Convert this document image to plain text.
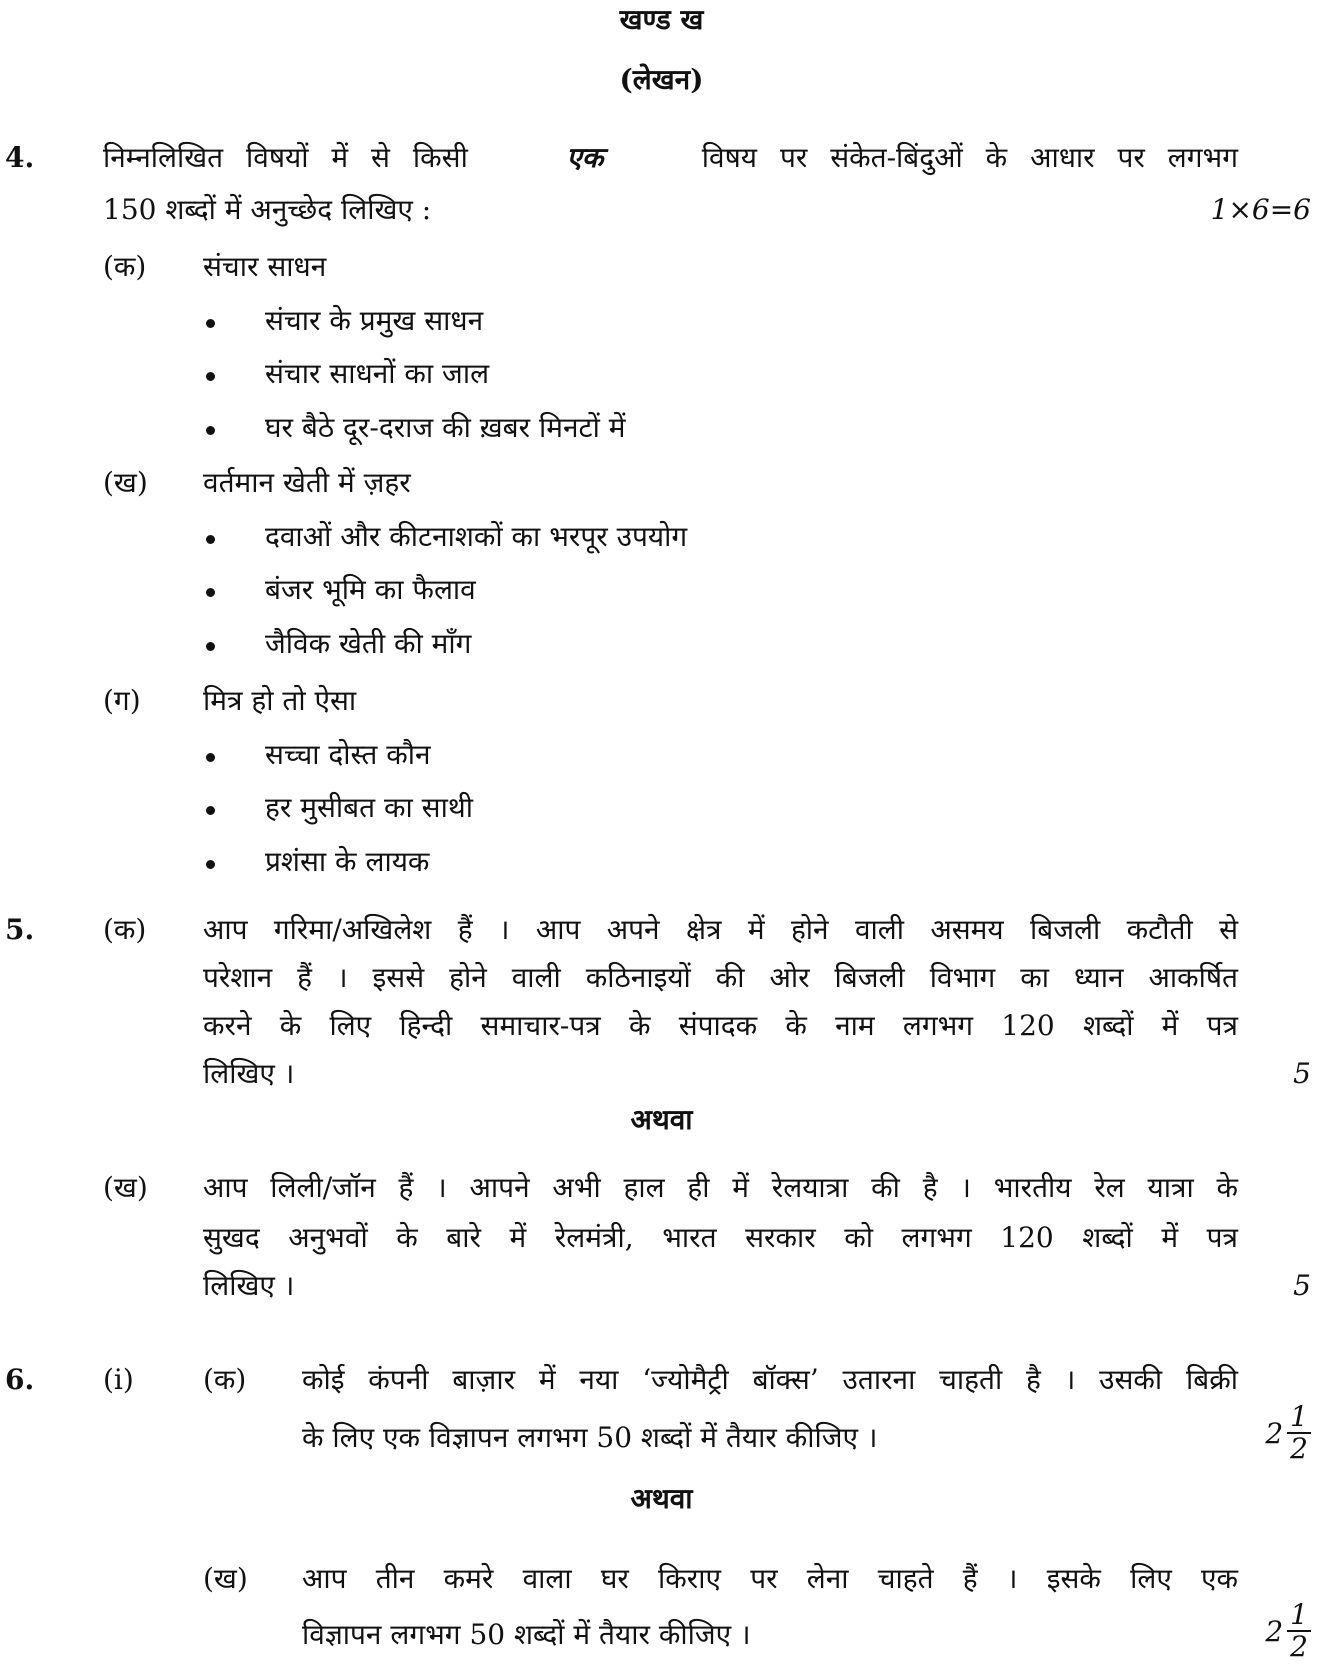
खण्ड ख
(लेखन)
4. निम्नलिखित विषयों में से किसी	एक	विषय पर संकेत-बिंदुओं के आधार पर लगभग
150 शब्दों में अनुच्छेद लिखिए :	1×6=6
(क) संचार साधन
संचार के प्रमुख साधन
संचार साधनों का जाल
घर बैठे दूर-दराज की ख़बर मिनटों में
(ख) वर्तमान खेती में ज़हर
दवाओं और कीटनाशकों का भरपूर उपयोग
बंजर भूमि का फैलाव
जैविक खेती की माँग
(ग) मित्र हो तो ऐसा
सच्चा दोस्त कौन
हर मुसीबत का साथी
प्रशंसा के लायक
5. (क) आप गरिमा/अखिलेश हैं । आप अपने क्षेत्र में होने वाली असमय बिजली कटौती से
परेशान हैं । इससे होने वाली कठिनाइयों की ओर बिजली विभाग का ध्यान आकर्षित
करने के लिए हिन्दी समाचार-पत्र के संपादक के नाम लगभग 120 शब्दों में पत्र
लिखिए ।	5
अथवा
(ख) आप लिली/जॉन हैं । आपने अभी हाल ही में रेलयात्रा की है । भारतीय रेल यात्रा के
सुखद अनुभवों के बारे में रेलमंत्री, भारत सरकार को लगभग 120 शब्दों में पत्र
लिखिए ।	5
6. (i) (क) कोई कंपनी बाज़ार में नया ‘ज्योमैट्री बॉक्स’ उतारना चाहती है । उसकी बिक्री
के लिए एक विज्ञापन लगभग 50 शब्दों में तैयार कीजिए ।	$2 \frac{1}{2}$
अथवा
(ख) आप तीन कमरे वाला घर किराए पर लेना चाहते हैं । इसके लिए एक
विज्ञापन लगभग 50 शब्दों में तैयार कीजिए ।	$2 \frac{1}{2}$
